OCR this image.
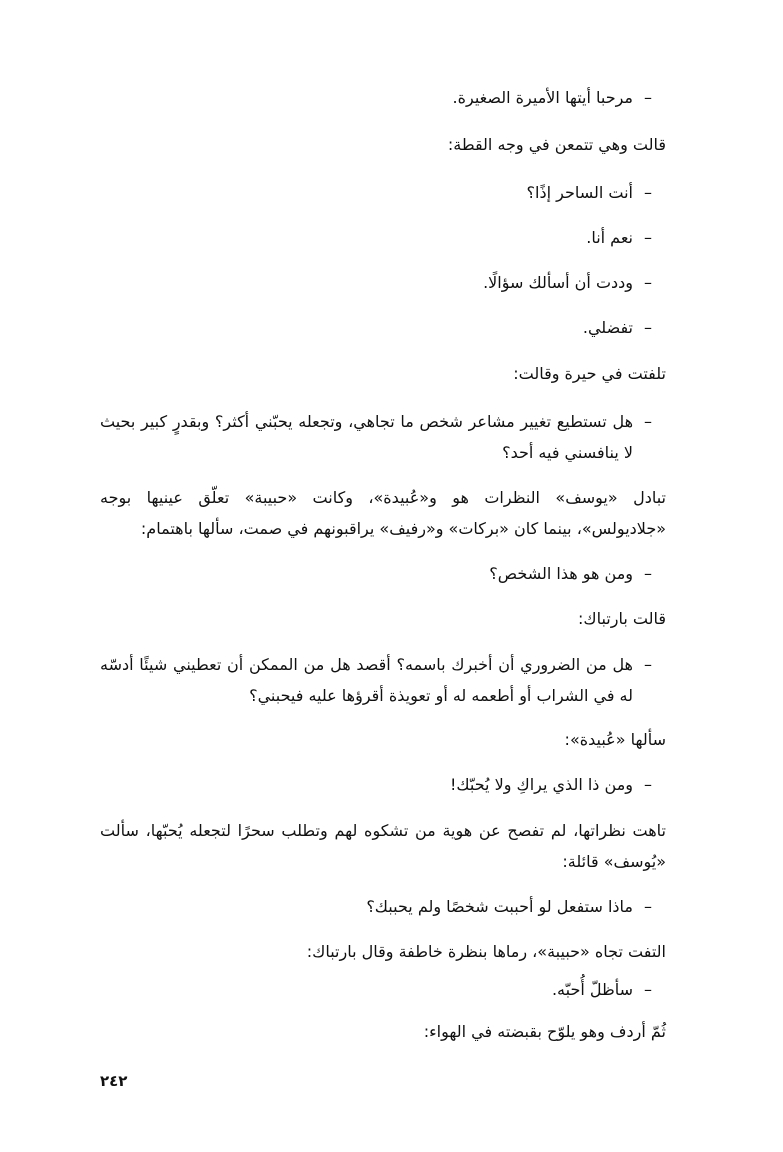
–
مرحبا أيتها الأميرة الصغيرة.

قالت وهي تتمعن في وجه القطة:

–
أنت الساحر إذًا؟

–
نعم أنا.

–
وددت أن أسألك سؤالًا.

–
تفضلي.

تلفتت في حيرة وقالت:

–
هل تستطيع تغيير مشاعر شخص ما تجاهي، وتجعله يحبّني أكثر؟ وبقدرٍ كبير بحيث لا ينافسني فيه أحد؟

تبادل «يوسف» النظرات هو و«عُبيدة»، وكانت «حبيبة» تعلّق عينيها بوجه «جلاديولس»، بينما كان «بركات» و«رفيف» يراقبونهم في صمت، سألها باهتمام:

–
ومن هو هذا الشخص؟

قالت بارتباك:

–
هل من الضروري أن أخبرك باسمه؟ أقصد هل من الممكن أن تعطيني شيئًا أدسّه له في الشراب أو أطعمه له أو تعويذة أقرؤها عليه فيحبني؟

سألها «عُبيدة»:

–
ومن ذا الذي يراكِ ولا يُحبّك!

تاهت نظراتها، لم تفصح عن هوية من تشكوه لهم وتطلب سحرًا لتجعله يُحبّها، سألت «يُوسف» قائلة:

–
ماذا ستفعل لو أحببت شخصًا ولم يحببك؟

التفت تجاه «حبيبة»، رماها بنظرة خاطفة وقال بارتباك:

–
سأظلّ أُحبّه.

ثُمّ أردف وهو يلوّح بقبضته في الهواء:

٢٤٢
